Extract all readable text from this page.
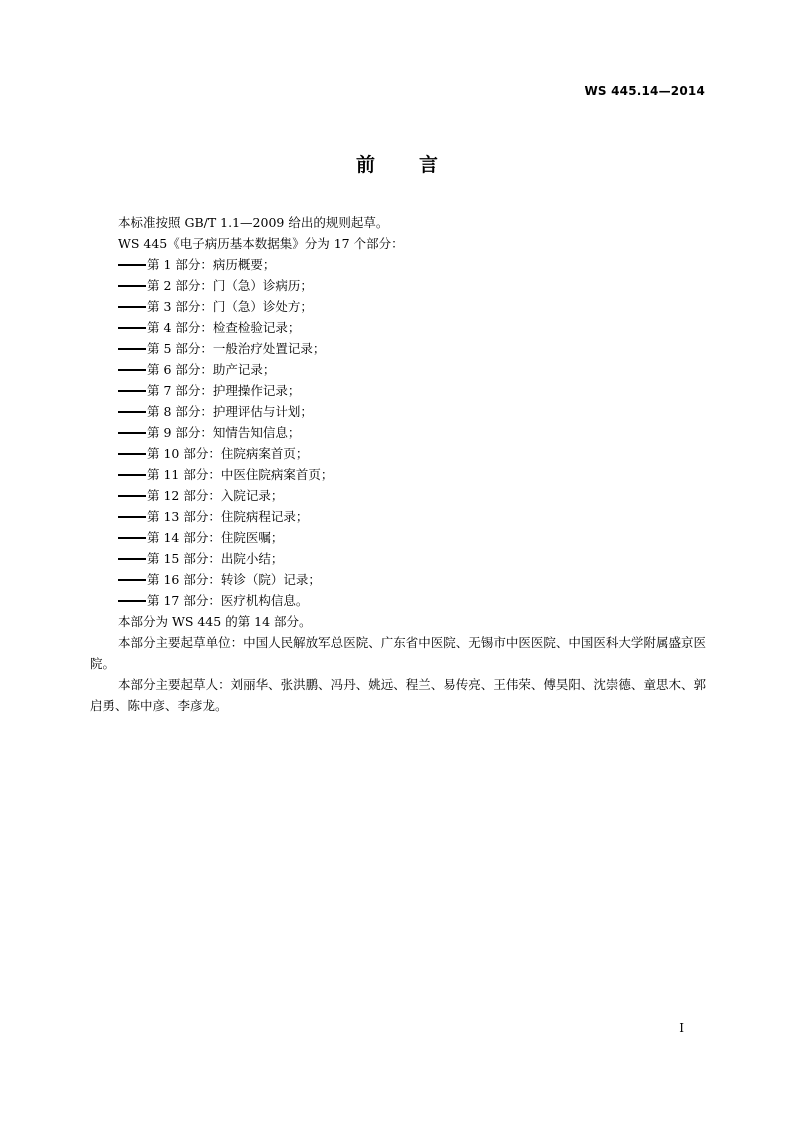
WS 445.14—2014
前言

本标准按照 GB/T 1.1—2009 给出的规则起草。

WS 445《电子病历基本数据集》分为 17 个部分：

第 1 部分：病历概要；
第 2 部分：门（急）诊病历；
第 3 部分：门（急）诊处方；
第 4 部分：检查检验记录；
第 5 部分：一般治疗处置记录；
第 6 部分：助产记录；
第 7 部分：护理操作记录；
第 8 部分：护理评估与计划；
第 9 部分：知情告知信息；
第 10 部分：住院病案首页；
第 11 部分：中医住院病案首页；
第 12 部分：入院记录；
第 13 部分：住院病程记录；
第 14 部分：住院医嘱；
第 15 部分：出院小结；
第 16 部分：转诊（院）记录；
第 17 部分：医疗机构信息。

本部分为 WS 445 的第 14 部分。

本部分主要起草单位：中国人民解放军总医院、广东省中医院、无锡市中医医院、中国医科大学附属盛京医院。

本部分主要起草人：刘丽华、张洪鹏、冯丹、姚远、程兰、易传亮、王伟荣、傅昊阳、沈崇德、童思木、郭启勇、陈中彦、李彦龙。

I
